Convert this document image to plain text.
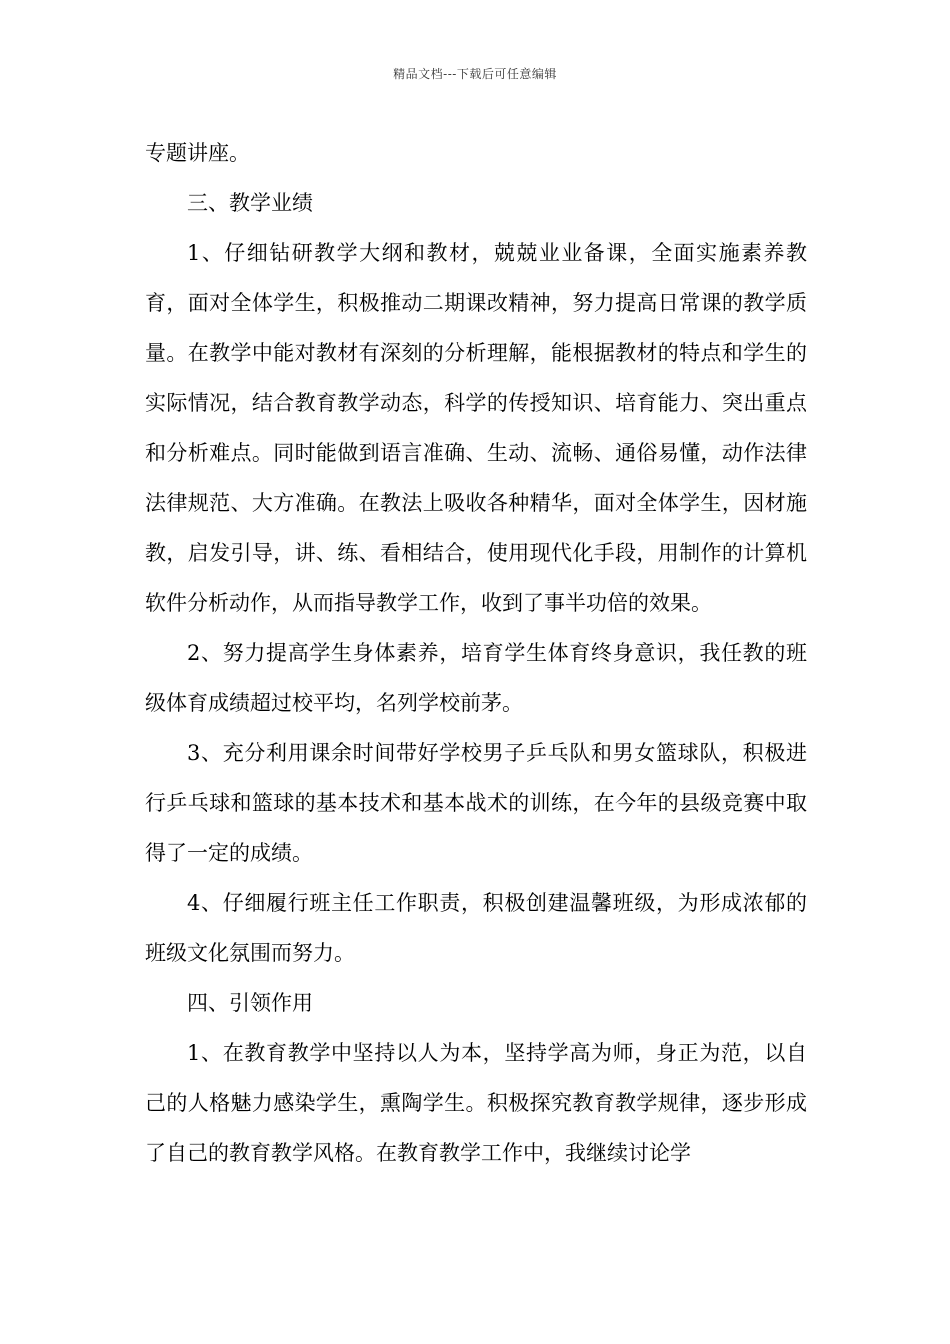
精品文档---下载后可任意编辑

专题讲座。

三、教学业绩

1、仔细钻研教学大纲和教材，兢兢业业备课，全面实施素养教育，面对全体学生，积极推动二期课改精神，努力提高日常课的教学质量。在教学中能对教材有深刻的分析理解，能根据教材的特点和学生的实际情况，结合教育教学动态，科学的传授知识、培育能力、突出重点和分析难点。同时能做到语言准确、生动、流畅、通俗易懂，动作法律法律规范、大方准确。在教法上吸收各种精华，面对全体学生，因材施教，启发引导，讲、练、看相结合，使用现代化手段，用制作的计算机软件分析动作，从而指导教学工作，收到了事半功倍的效果。

2、努力提高学生身体素养，培育学生体育终身意识，我任教的班级体育成绩超过校平均，名列学校前茅。

3、充分利用课余时间带好学校男子乒乓队和男女篮球队，积极进行乒乓球和篮球的基本技术和基本战术的训练，在今年的县级竞赛中取得了一定的成绩。

4、仔细履行班主任工作职责，积极创建温馨班级，为形成浓郁的班级文化氛围而努力。

四、引领作用

1、在教育教学中坚持以人为本，坚持学高为师，身正为范，以自己的人格魅力感染学生，熏陶学生。积极探究教育教学规律，逐步形成了自己的教育教学风格。在教育教学工作中，我继续讨论学
